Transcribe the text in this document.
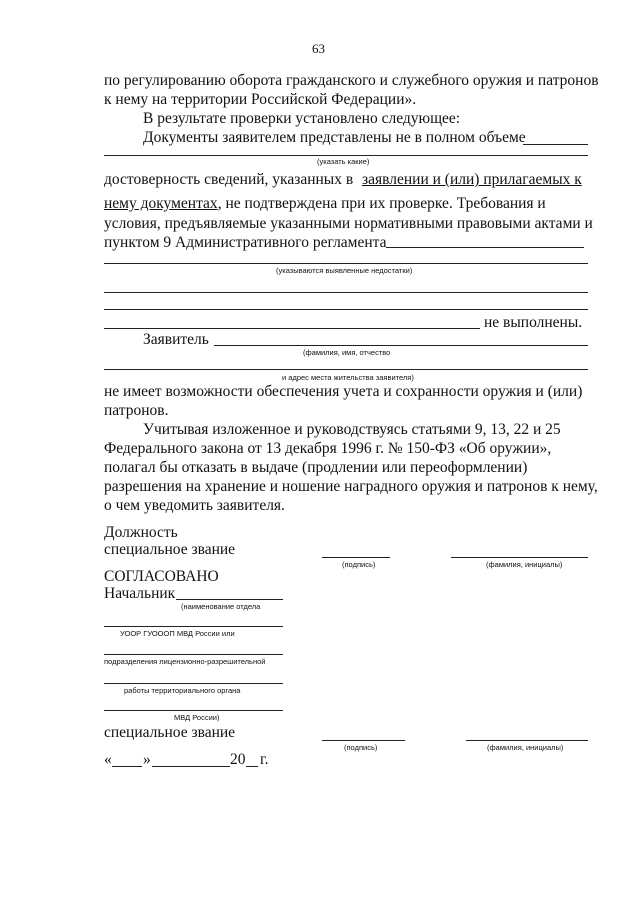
63
по регулированию оборота гражданского и служебного оружия и патронов
к нему на территории Российской Федерации».
В результате проверки установлено следующее:
Документы заявителем представлены не в полном объеме
(указать какие)
достоверность сведений, указанных в заявлении и (или) прилагаемых к
нему документах, не подтверждена при их проверке. Требования и
условия, предъявляемые указанными нормативными правовыми актами и
пунктом 9 Административного регламента
(указываются выявленные недостатки)
не выполнены.
Заявитель
(фамилия, имя, отчество
и адрес места жительства заявителя)
не имеет возможности обеспечения учета и сохранности оружия и (или)
патронов.
Учитывая изложенное и руководствуясь статьями 9, 13, 22 и 25
Федерального закона от 13 декабря 1996 г. № 150-ФЗ «Об оружии»,
полагал бы отказать в выдаче (продлении или переоформлении)
разрешения на хранение и ношение наградного оружия и патронов к нему,
о чем уведомить заявителя.
Должность
специальное звание
(подпись)	(фамилия, инициалы)
СОГЛАСОВАНО
Начальник
(наименование отдела
УООР ГУОООП МВД России или
подразделения лицензионно-разрешительной
работы территориального органа
МВД России)
специальное звание
(подпись)	(фамилия, инициалы)
« »	20 г.
